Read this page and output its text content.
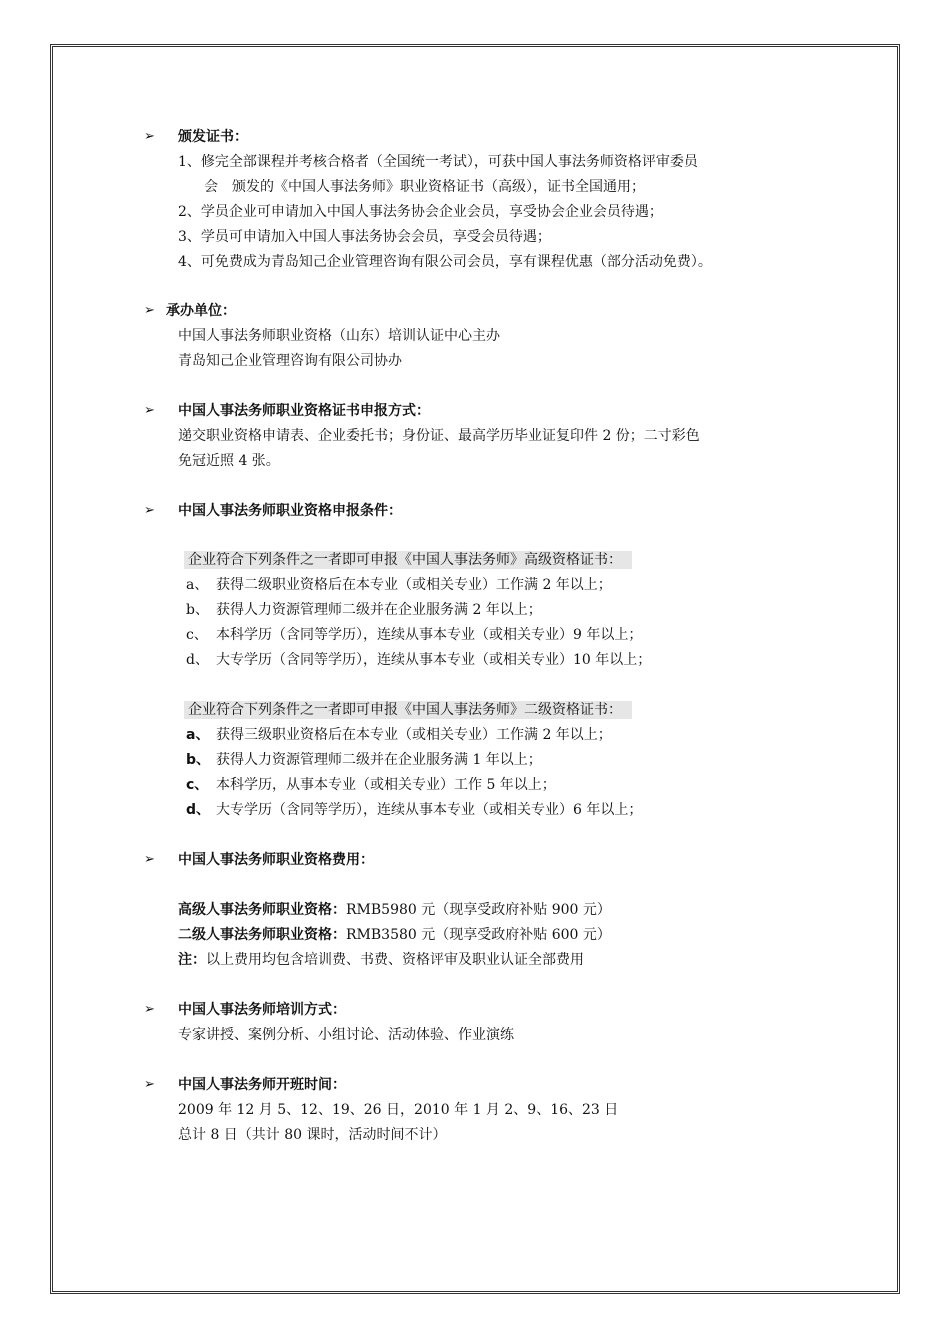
➢ 颁发证书：
1、修完全部课程并考核合格者（全国统一考试），可获中国人事法务师资格评审委员
会　颁发的《中国人事法务师》职业资格证书（高级），证书全国通用；
2、学员企业可申请加入中国人事法务协会企业会员，享受协会企业会员待遇；
3、学员可申请加入中国人事法务协会会员，享受会员待遇；
4、可免费成为青岛知己企业管理咨询有限公司会员，享有课程优惠（部分活动免费）。
➢ 承办单位：
中国人事法务师职业资格（山东）培训认证中心主办
青岛知己企业管理咨询有限公司协办
➢ 中国人事法务师职业资格证书申报方式：
递交职业资格申请表、企业委托书；身份证、最高学历毕业证复印件 2 份；二寸彩色
免冠近照 4 张。
➢ 中国人事法务师职业资格申报条件：
企业符合下列条件之一者即可申报《中国人事法务师》高级资格证书：
a、 获得二级职业资格后在本专业（或相关专业）工作满 2 年以上；
b、 获得人力资源管理师二级并在企业服务满 2 年以上；
c、 本科学历（含同等学历），连续从事本专业（或相关专业）9 年以上；
d、 大专学历（含同等学历），连续从事本专业（或相关专业）10 年以上；
企业符合下列条件之一者即可申报《中国人事法务师》二级资格证书：
a、 获得三级职业资格后在本专业（或相关专业）工作满 2 年以上；
b、 获得人力资源管理师二级并在企业服务满 1 年以上；
c、 本科学历，从事本专业（或相关专业）工作 5 年以上；
d、 大专学历（含同等学历），连续从事本专业（或相关专业）6 年以上；
➢ 中国人事法务师职业资格费用：
高级人事法务师职业资格：RMB5980 元（现享受政府补贴 900 元）
二级人事法务师职业资格：RMB3580 元（现享受政府补贴 600 元）
注：以上费用均包含培训费、书费、资格评审及职业认证全部费用
➢ 中国人事法务师培训方式：
专家讲授、案例分析、小组讨论、活动体验、作业演练
➢ 中国人事法务师开班时间：
2009 年 12 月 5、12、19、26 日，2010 年 1 月 2、9、16、23 日
总计 8 日（共计 80 课时，活动时间不计）
